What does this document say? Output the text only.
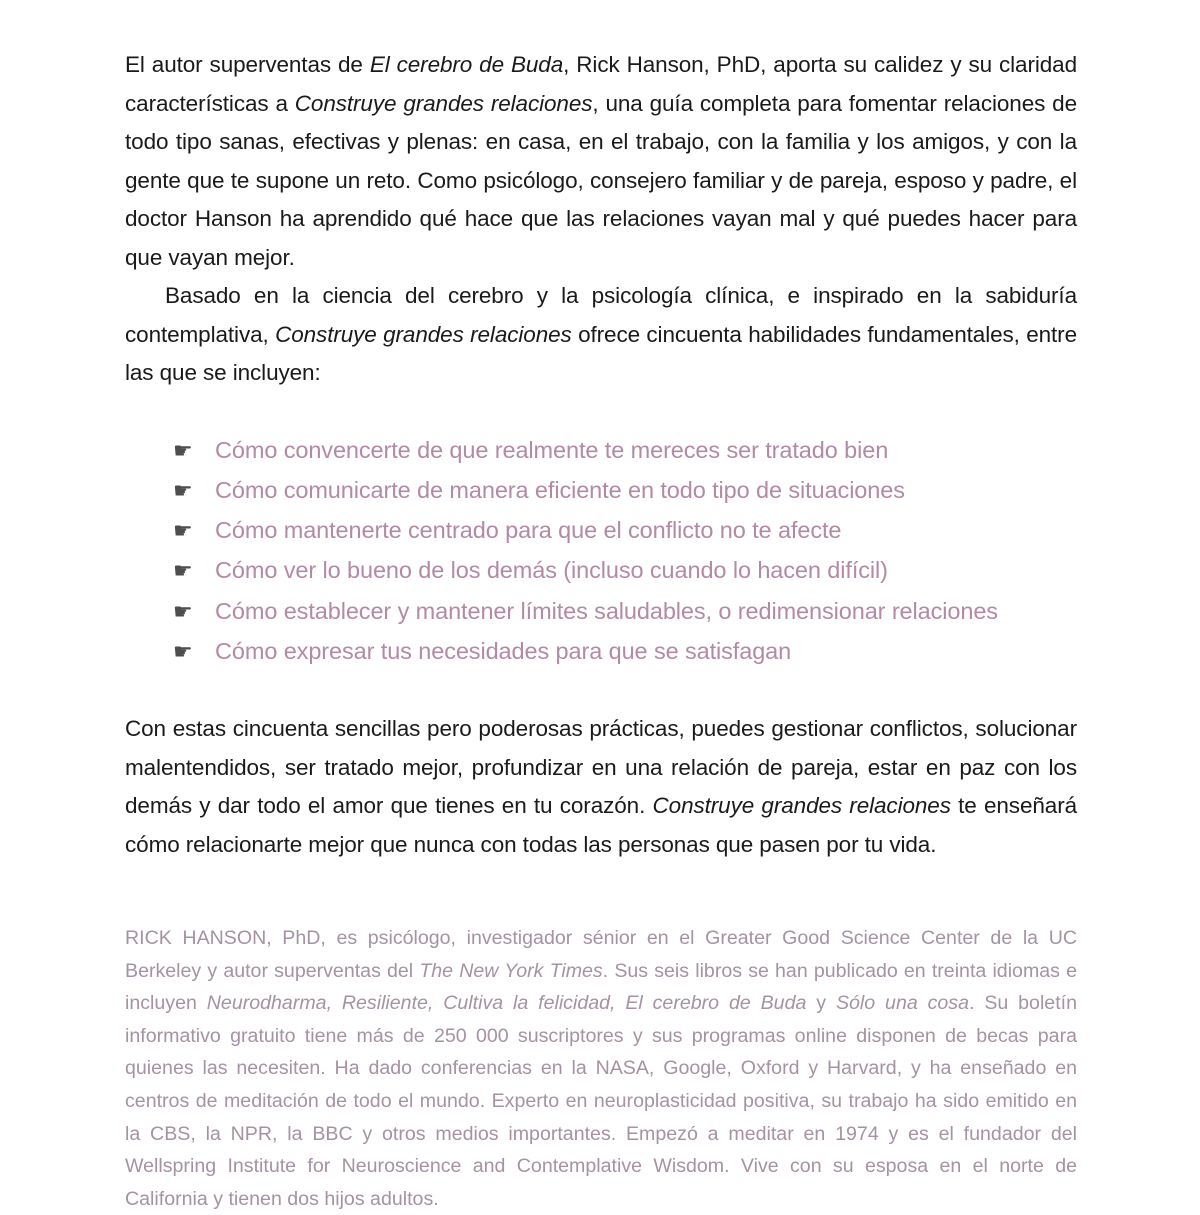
El autor superventas de El cerebro de Buda, Rick Hanson, PhD, aporta su calidez y su claridad características a Construye grandes relaciones, una guía completa para fomentar relaciones de todo tipo sanas, efectivas y plenas: en casa, en el trabajo, con la familia y los amigos, y con la gente que te supone un reto. Como psicólogo, consejero familiar y de pareja, esposo y padre, el doctor Hanson ha aprendido qué hace que las relaciones vayan mal y qué puedes hacer para que vayan mejor.

Basado en la ciencia del cerebro y la psicología clínica, e inspirado en la sabiduría contemplativa, Construye grandes relaciones ofrece cincuenta habilidades fundamentales, entre las que se incluyen:

☛ Cómo convencerte de que realmente te mereces ser tratado bien
☛ Cómo comunicarte de manera eficiente en todo tipo de situaciones
☛ Cómo mantenerte centrado para que el conflicto no te afecte
☛ Cómo ver lo bueno de los demás (incluso cuando lo hacen difícil)
☛ Cómo establecer y mantener límites saludables, o redimensionar relaciones
☛ Cómo expresar tus necesidades para que se satisfagan

Con estas cincuenta sencillas pero poderosas prácticas, puedes gestionar conflictos, solucionar malentendidos, ser tratado mejor, profundizar en una relación de pareja, estar en paz con los demás y dar todo el amor que tienes en tu corazón. Construye grandes relaciones te enseñará cómo relacionarte mejor que nunca con todas las personas que pasen por tu vida.

RICK HANSON, PhD, es psicólogo, investigador sénior en el Greater Good Science Center de la UC Berkeley y autor superventas del The New York Times. Sus seis libros se han publicado en treinta idiomas e incluyen Neurodharma, Resiliente, Cultiva la felicidad, El cerebro de Buda y Sólo una cosa. Su boletín informativo gratuito tiene más de 250 000 suscriptores y sus programas online disponen de becas para quienes las necesiten. Ha dado conferencias en la NASA, Google, Oxford y Harvard, y ha enseñado en centros de meditación de todo el mundo. Experto en neuroplasticidad positiva, su trabajo ha sido emitido en la CBS, la NPR, la BBC y otros medios importantes. Empezó a meditar en 1974 y es el fundador del Wellspring Institute for Neuroscience and Contemplative Wisdom. Vive con su esposa en el norte de California y tienen dos hijos adultos.
